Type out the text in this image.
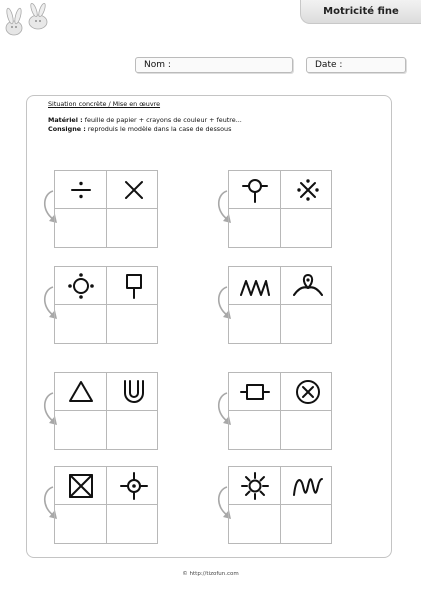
Motricité fine
Nom :	Date :
Situation concrète / Mise en œuvre
Matériel : feuille de papier + crayons de couleur + feutre...
Consigne : reproduis le modèle dans la case de dessous
© http://tizofun.com
